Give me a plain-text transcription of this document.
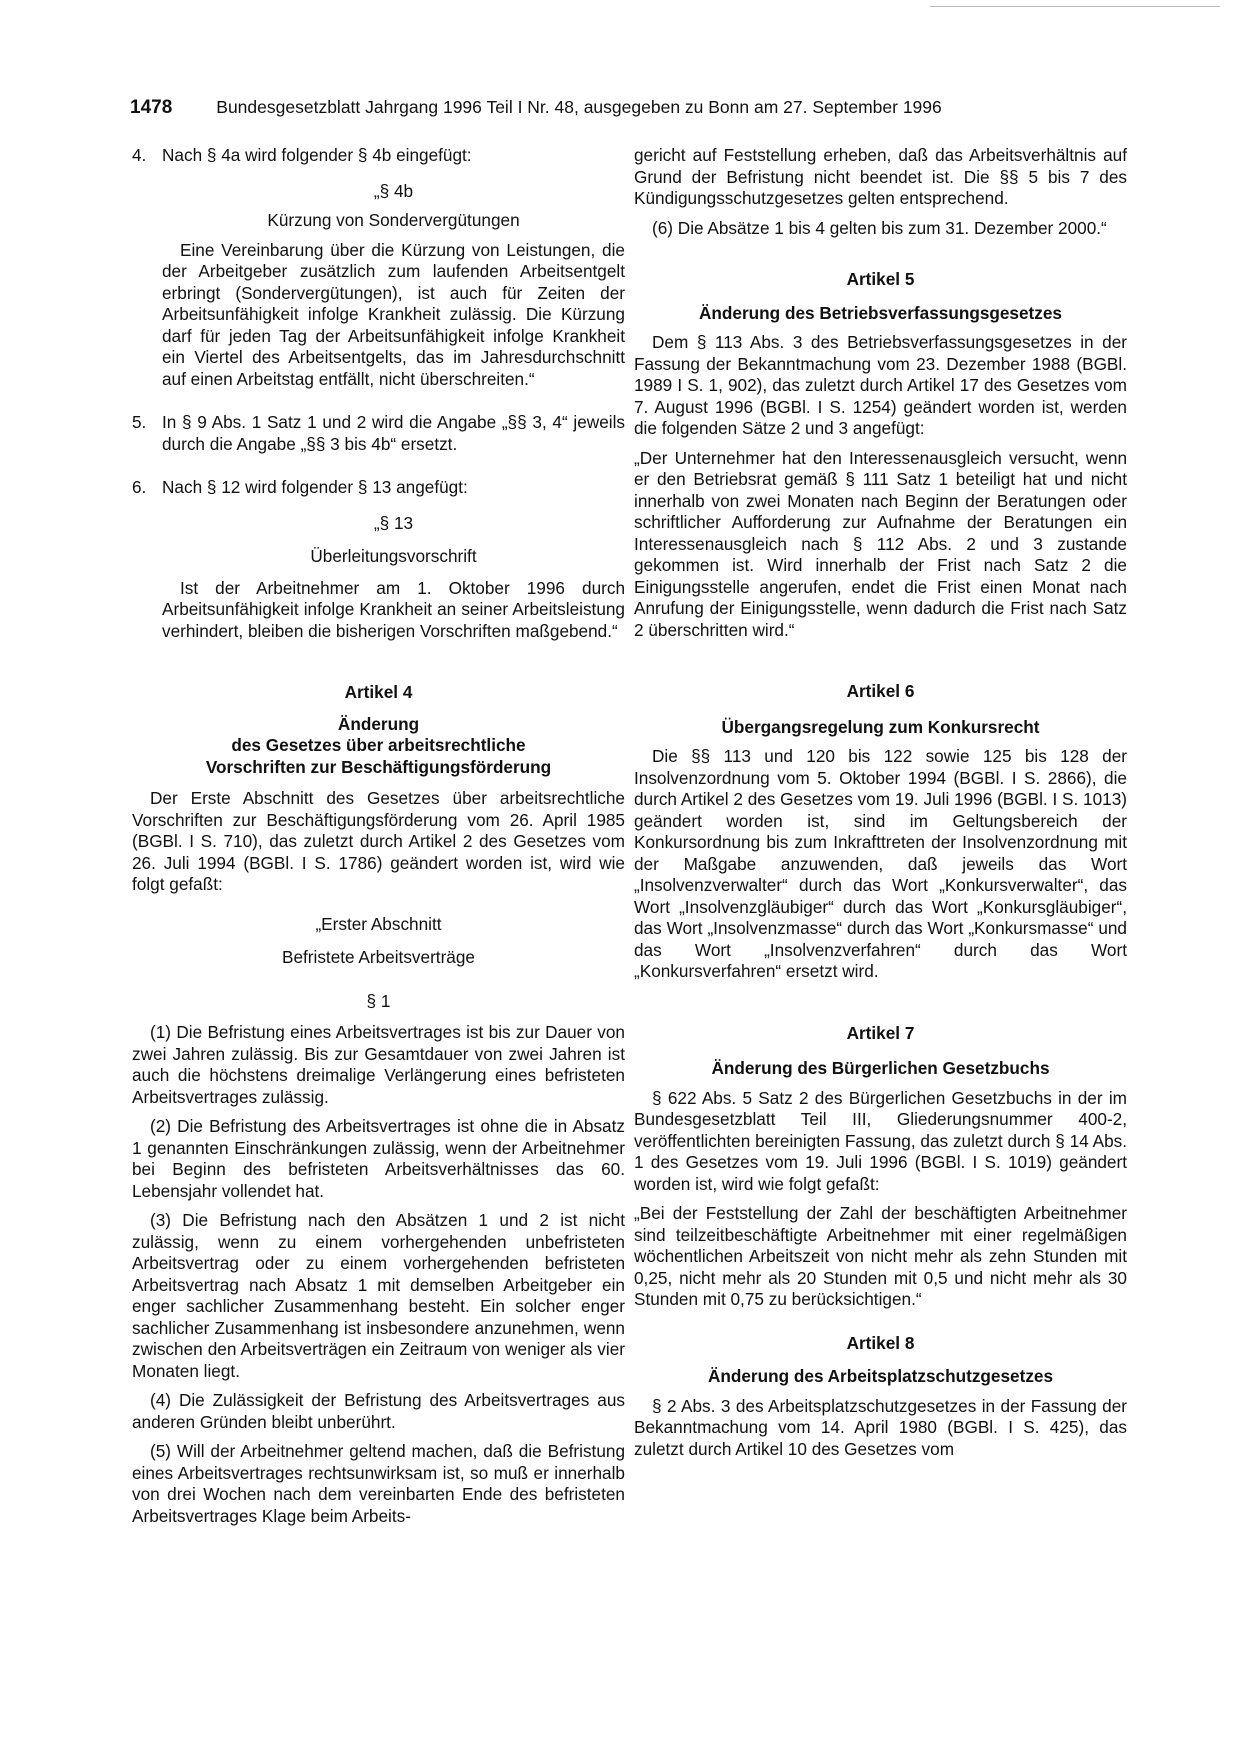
1478	Bundesgesetzblatt Jahrgang 1996 Teil I Nr. 48, ausgegeben zu Bonn am 27. September 1996
4. Nach § 4a wird folgender § 4b eingefügt:

„§ 4b

Kürzung von Sondervergütungen

Eine Vereinbarung über die Kürzung von Leistungen, die der Arbeitgeber zusätzlich zum laufenden Arbeitsentgelt erbringt (Sondervergütungen), ist auch für Zeiten der Arbeitsunfähigkeit infolge Krankheit zulässig. Die Kürzung darf für jeden Tag der Arbeitsunfähigkeit infolge Krankheit ein Viertel des Arbeitsentgelts, das im Jahresdurchschnitt auf einen Arbeitstag entfällt, nicht überschreiten.“

5. In § 9 Abs. 1 Satz 1 und 2 wird die Angabe „§§ 3, 4“ jeweils durch die Angabe „§§ 3 bis 4b“ ersetzt.

6. Nach § 12 wird folgender § 13 angefügt:

„§ 13

Überleitungsvorschrift

Ist der Arbeitnehmer am 1. Oktober 1996 durch Arbeitsunfähigkeit infolge Krankheit an seiner Arbeitsleistung verhindert, bleiben die bisherigen Vorschriften maßgebend.“

Artikel 4

Änderung

des Gesetzes über arbeitsrechtliche

Vorschriften zur Beschäftigungsförderung

Der Erste Abschnitt des Gesetzes über arbeitsrechtliche Vorschriften zur Beschäftigungsförderung vom 26. April 1985 (BGBl. I S. 710), das zuletzt durch Artikel 2 des Gesetzes vom 26. Juli 1994 (BGBl. I S. 1786) geändert worden ist, wird wie folgt gefaßt:

„Erster Abschnitt

Befristete Arbeitsverträge

§ 1

(1) Die Befristung eines Arbeitsvertrages ist bis zur Dauer von zwei Jahren zulässig. Bis zur Gesamtdauer von zwei Jahren ist auch die höchstens dreimalige Verlängerung eines befristeten Arbeitsvertrages zulässig.

(2) Die Befristung des Arbeitsvertrages ist ohne die in Absatz 1 genannten Einschränkungen zulässig, wenn der Arbeitnehmer bei Beginn des befristeten Arbeitsverhältnisses das 60. Lebensjahr vollendet hat.

(3) Die Befristung nach den Absätzen 1 und 2 ist nicht zulässig, wenn zu einem vorhergehenden unbefristeten Arbeitsvertrag oder zu einem vorhergehenden befristeten Arbeitsvertrag nach Absatz 1 mit demselben Arbeitgeber ein enger sachlicher Zusammenhang besteht. Ein solcher enger sachlicher Zusammenhang ist insbesondere anzunehmen, wenn zwischen den Arbeitsverträgen ein Zeitraum von weniger als vier Monaten liegt.

(4) Die Zulässigkeit der Befristung des Arbeitsvertrages aus anderen Gründen bleibt unberührt.

(5) Will der Arbeitnehmer geltend machen, daß die Befristung eines Arbeitsvertrages rechtsunwirksam ist, so muß er innerhalb von drei Wochen nach dem vereinbarten Ende des befristeten Arbeitsvertrages Klage beim Arbeits-

gericht auf Feststellung erheben, daß das Arbeitsverhältnis auf Grund der Befristung nicht beendet ist. Die §§ 5 bis 7 des Kündigungsschutzgesetzes gelten entsprechend.

(6) Die Absätze 1 bis 4 gelten bis zum 31. Dezember 2000.“

Artikel 5

Änderung des Betriebsverfassungsgesetzes

Dem § 113 Abs. 3 des Betriebsverfassungsgesetzes in der Fassung der Bekanntmachung vom 23. Dezember 1988 (BGBl. 1989 I S. 1, 902), das zuletzt durch Artikel 17 des Gesetzes vom 7. August 1996 (BGBl. I S. 1254) geändert worden ist, werden die folgenden Sätze 2 und 3 angefügt:

„Der Unternehmer hat den Interessenausgleich versucht, wenn er den Betriebsrat gemäß § 111 Satz 1 beteiligt hat und nicht innerhalb von zwei Monaten nach Beginn der Beratungen oder schriftlicher Aufforderung zur Aufnahme der Beratungen ein Interessenausgleich nach § 112 Abs. 2 und 3 zustande gekommen ist. Wird innerhalb der Frist nach Satz 2 die Einigungsstelle angerufen, endet die Frist einen Monat nach Anrufung der Einigungsstelle, wenn dadurch die Frist nach Satz 2 überschritten wird.“

Artikel 6

Übergangsregelung zum Konkursrecht

Die §§ 113 und 120 bis 122 sowie 125 bis 128 der Insolvenzordnung vom 5. Oktober 1994 (BGBl. I S. 2866), die durch Artikel 2 des Gesetzes vom 19. Juli 1996 (BGBl. I S. 1013) geändert worden ist, sind im Geltungsbereich der Konkursordnung bis zum Inkrafttreten der Insolvenzordnung mit der Maßgabe anzuwenden, daß jeweils das Wort „Insolvenzverwalter“ durch das Wort „Konkursverwalter“, das Wort „Insolvenzgläubiger“ durch das Wort „Konkursgläubiger“, das Wort „Insolvenzmasse“ durch das Wort „Konkursmasse“ und das Wort „Insolvenzverfahren“ durch das Wort „Konkursverfahren“ ersetzt wird.

Artikel 7

Änderung des Bürgerlichen Gesetzbuchs

§ 622 Abs. 5 Satz 2 des Bürgerlichen Gesetzbuchs in der im Bundesgesetzblatt Teil III, Gliederungsnummer 400-2, veröffentlichten bereinigten Fassung, das zuletzt durch § 14 Abs. 1 des Gesetzes vom 19. Juli 1996 (BGBl. I S. 1019) geändert worden ist, wird wie folgt gefaßt:

„Bei der Feststellung der Zahl der beschäftigten Arbeitnehmer sind teilzeitbeschäftigte Arbeitnehmer mit einer regelmäßigen wöchentlichen Arbeitszeit von nicht mehr als zehn Stunden mit 0,25, nicht mehr als 20 Stunden mit 0,5 und nicht mehr als 30 Stunden mit 0,75 zu berücksichtigen.“

Artikel 8

Änderung des Arbeitsplatzschutzgesetzes

§ 2 Abs. 3 des Arbeitsplatzschutzgesetzes in der Fassung der Bekanntmachung vom 14. April 1980 (BGBl. I S. 425), das zuletzt durch Artikel 10 des Gesetzes vom
